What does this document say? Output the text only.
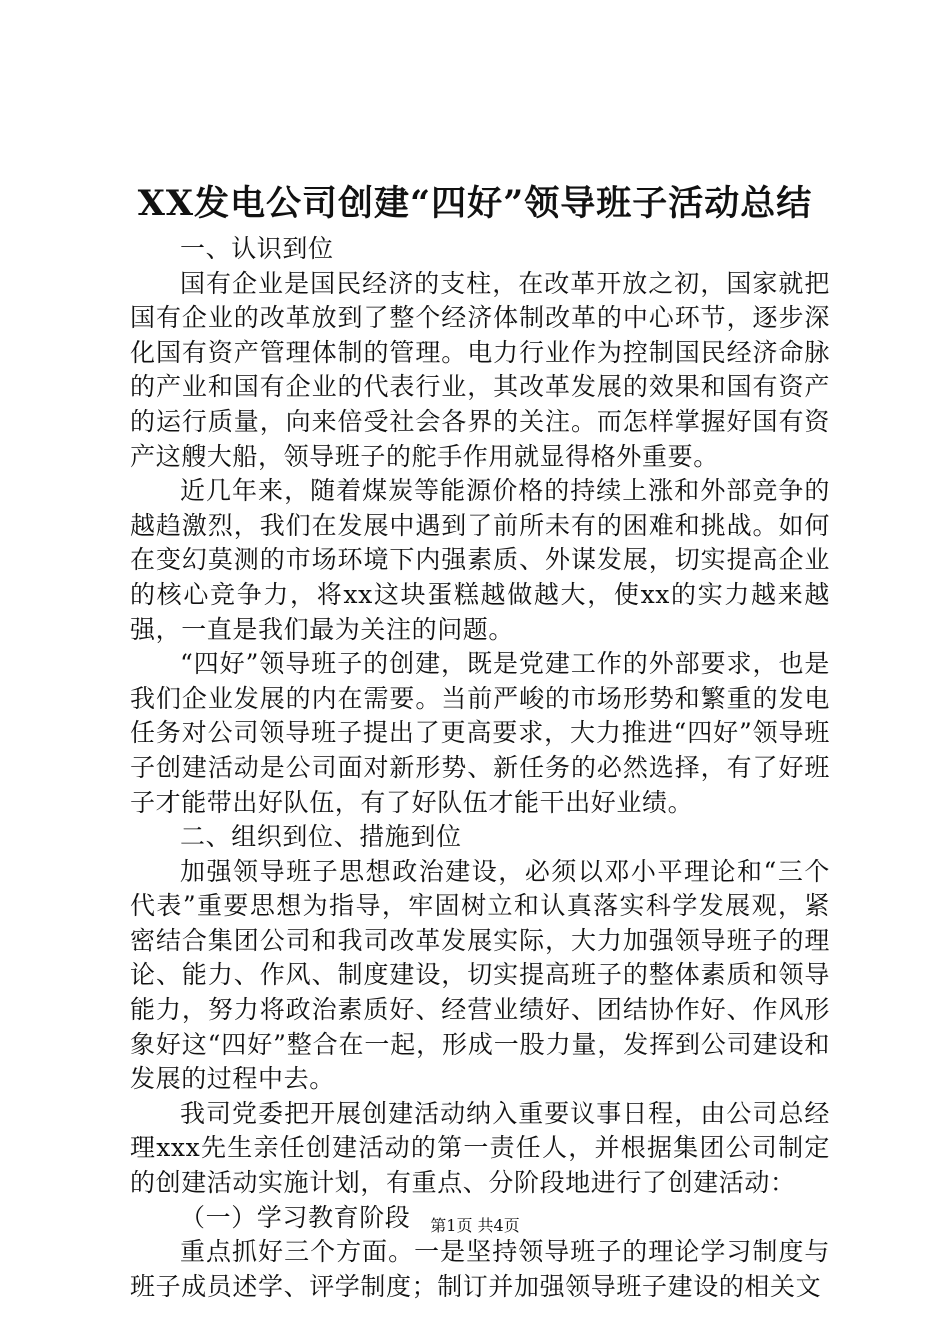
XX发电公司创建“四好”领导班子活动总结

一、认识到位

国有企业是国民经济的支柱，在改革开放之初，国家就把国有企业的改革放到了整个经济体制改革的中心环节，逐步深化国有资产管理体制的管理。电力行业作为控制国民经济命脉的产业和国有企业的代表行业，其改革发展的效果和国有资产的运行质量，向来倍受社会各界的关注。而怎样掌握好国有资产这艘大船，领导班子的舵手作用就显得格外重要。

近几年来，随着煤炭等能源价格的持续上涨和外部竞争的越趋激烈，我们在发展中遇到了前所未有的困难和挑战。如何在变幻莫测的市场环境下内强素质、外谋发展，切实提高企业的核心竞争力，将xx这块蛋糕越做越大，使xx的实力越来越强，一直是我们最为关注的问题。

“四好”领导班子的创建，既是党建工作的外部要求，也是我们企业发展的内在需要。当前严峻的市场形势和繁重的发电任务对公司领导班子提出了更高要求，大力推进“四好”领导班子创建活动是公司面对新形势、新任务的必然选择，有了好班子才能带出好队伍，有了好队伍才能干出好业绩。

二、组织到位、措施到位

加强领导班子思想政治建设，必须以邓小平理论和“三个代表”重要思想为指导，牢固树立和认真落实科学发展观，紧密结合集团公司和我司改革发展实际，大力加强领导班子的理论、能力、作风、制度建设，切实提高班子的整体素质和领导能力，努力将政治素质好、经营业绩好、团结协作好、作风形象好这“四好”整合在一起，形成一股力量，发挥到公司建设和发展的过程中去。

我司党委把开展创建活动纳入重要议事日程，由公司总经理xxx先生亲任创建活动的第一责任人，并根据集团公司制定的创建活动实施计划，有重点、分阶段地进行了创建活动：

（一）学习教育阶段

重点抓好三个方面。一是坚持领导班子的理论学习制度与班子成员述学、评学制度；制订并加强领导班子建设的相关文

第1页 共4页
